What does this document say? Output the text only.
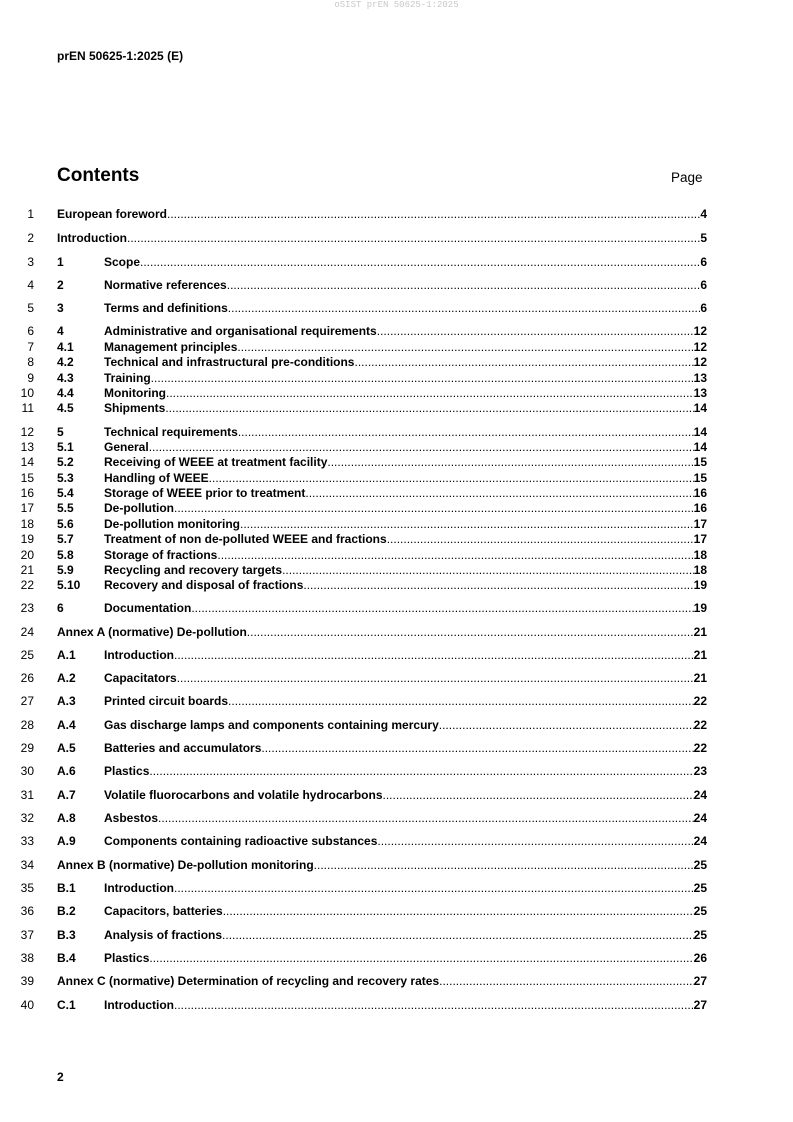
oSIST prEN 50625-1:2025
prEN 50625-1:2025 (E)
Contents	Page
1 European foreword .....	4
2 Introduction .....	5
3 1	Scope .....	6
4 2	Normative references .....	6
5 3	Terms and definitions .....	6
6 4	Administrative and organisational requirements .....	12
7 4.1	Management principles .....	12
8 4.2	Technical and infrastructural pre-conditions .....	12
9 4.3	Training .....	13
10 4.4	Monitoring .....	13
11 4.5	Shipments .....	14
12 5	Technical requirements .....	14
13 5.1	General .....	14
14 5.2	Receiving of WEEE at treatment facility .....	15
15 5.3	Handling of WEEE .....	15
16 5.4	Storage of WEEE prior to treatment .....	16
17 5.5	De-pollution .....	16
18 5.6	De-pollution monitoring .....	17
19 5.7	Treatment of non de-polluted WEEE and fractions .....	17
20 5.8	Storage of fractions .....	18
21 5.9	Recycling and recovery targets .....	18
22 5.10	Recovery and disposal of fractions .....	19
23 6	Documentation .....	19
24 Annex A (normative) De-pollution .....	21
25 A.1	Introduction .....	21
26 A.2	Capacitators .....	21
27 A.3	Printed circuit boards .....	22
28 A.4	Gas discharge lamps and components containing mercury .....	22
29 A.5	Batteries and accumulators .....	22
30 A.6	Plastics .....	23
31 A.7	Volatile fluorocarbons and volatile hydrocarbons .....	24
32 A.8	Asbestos .....	24
33 A.9	Components containing radioactive substances .....	24
34 Annex B (normative) De-pollution monitoring .....	25
35 B.1	Introduction .....	25
36 B.2	Capacitors, batteries .....	25
37 B.3	Analysis of fractions .....	25
38 B.4	Plastics .....	26
39 Annex C (normative) Determination of recycling and recovery rates .....	27
40 C.1	Introduction .....	27
2
